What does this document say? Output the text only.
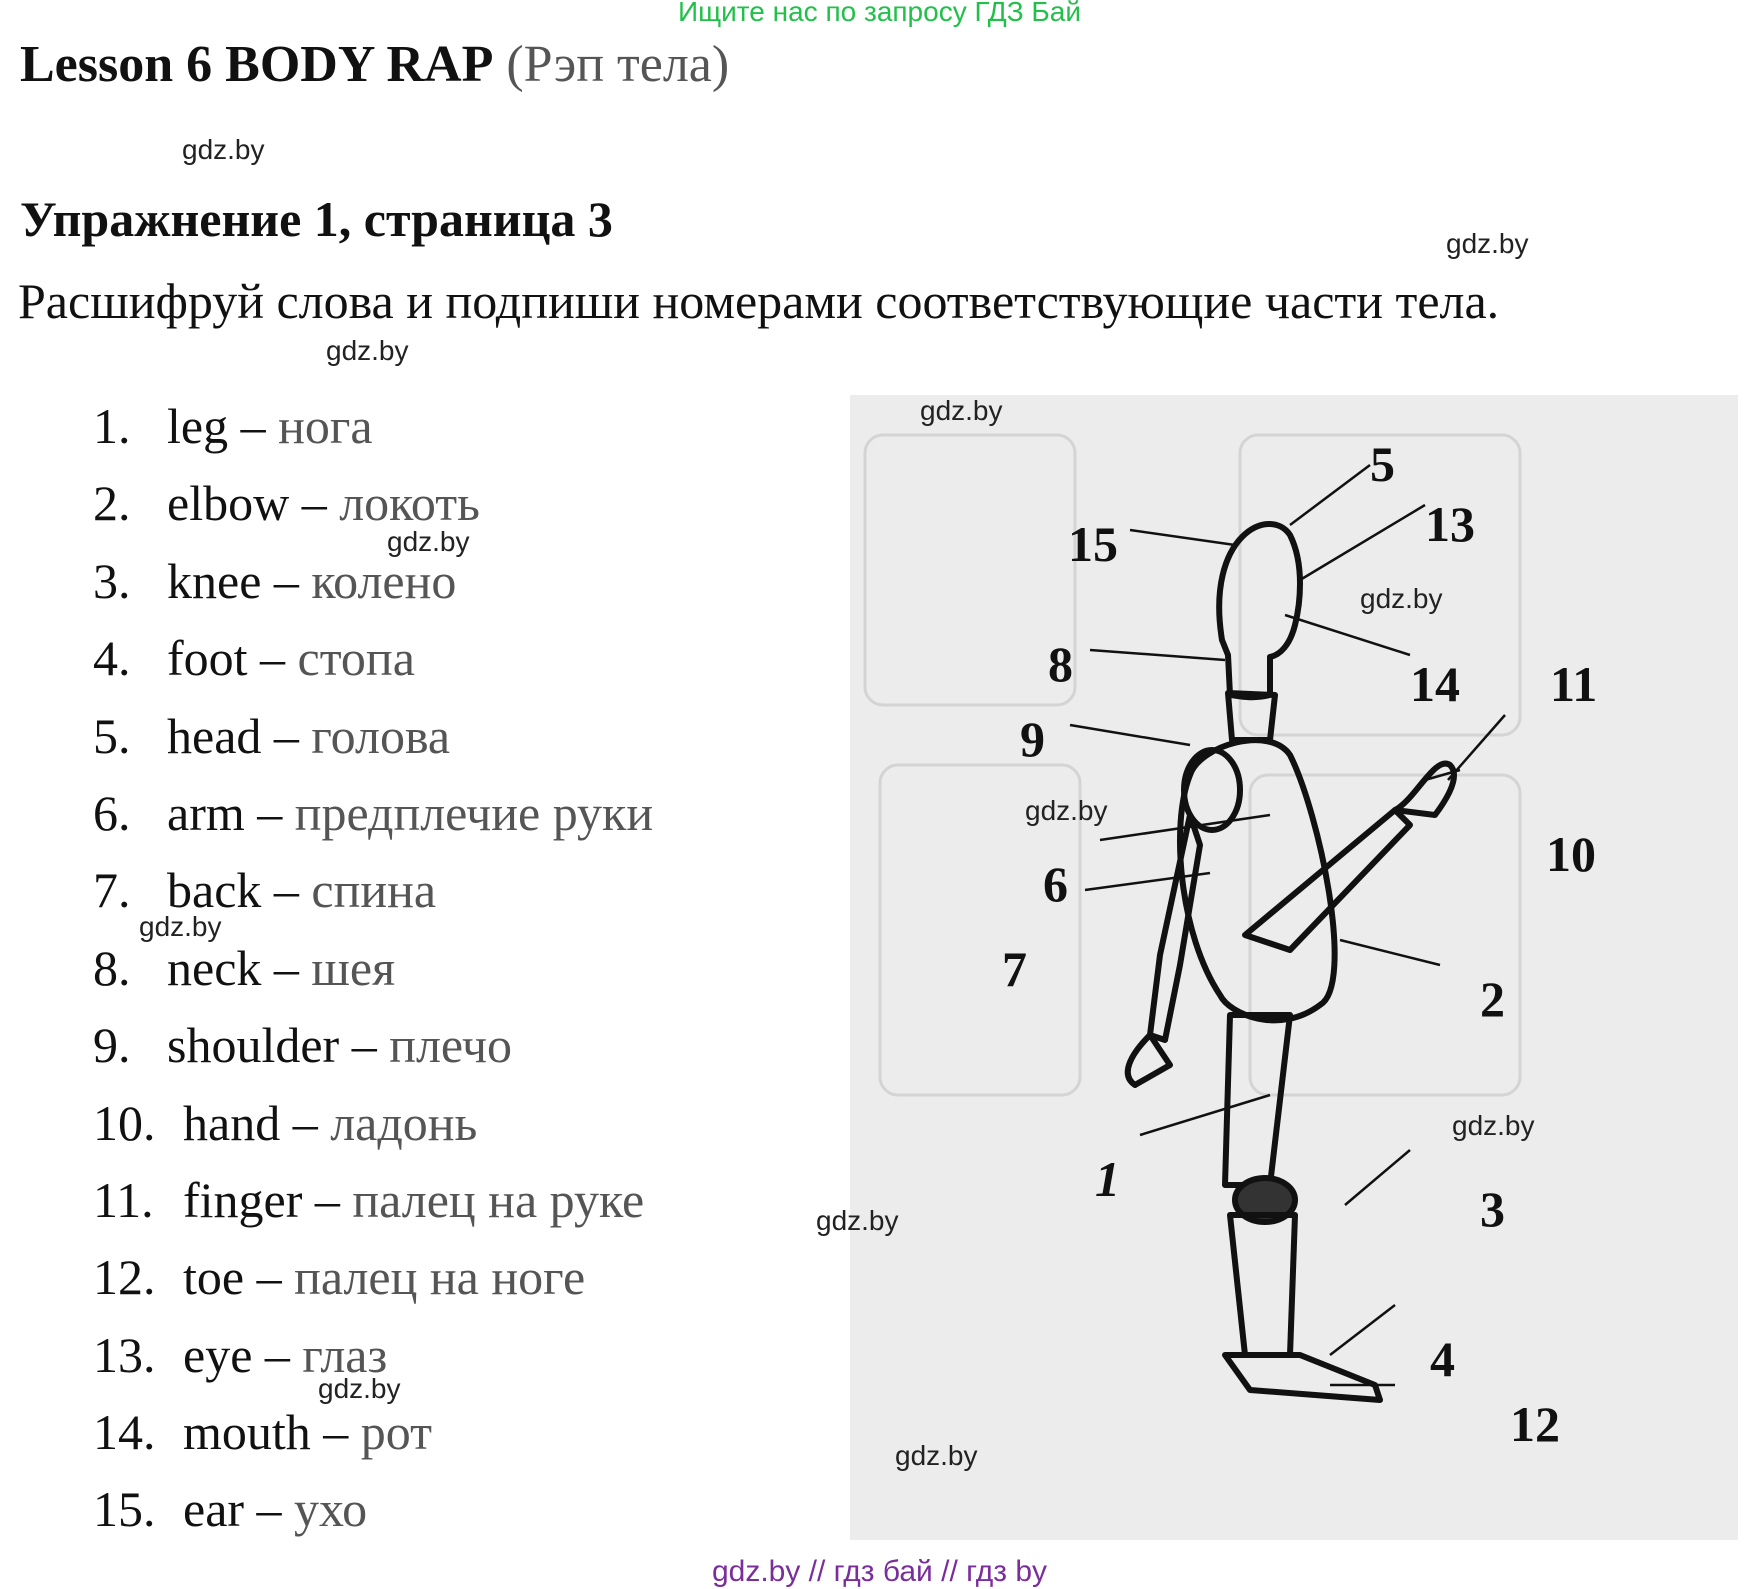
Ищите нас по запросу ГДЗ Бай
Lesson 6 BODY RAP (Рэп тела)
gdz.by
Упражнение 1, страница 3	gdz.by
Расшифруй слова и подпиши номерами соответствующие части тела.
gdz.by
1. leg – нога
2. elbow – локоть
3. knee – колено
4. foot – стопа
5. head – голова
6. arm – предплечие руки
7. back – спина
8. neck – шея
9. shoulder – плечо
10. hand – ладонь
11. finger – палец на руке
12. toe – палец на ноге
13. eye – глаз
14. mouth – рот
15. ear – ухо
gdz.by
gdz.by
gdz.by
5
13
15
8	14 11
9
10
6
7
2
1
3
4
12
gdz.by
gdz.by
gdz.by
gdz.by
gdz.by
gdz.by
gdz.by // гдз бай // гдз by
